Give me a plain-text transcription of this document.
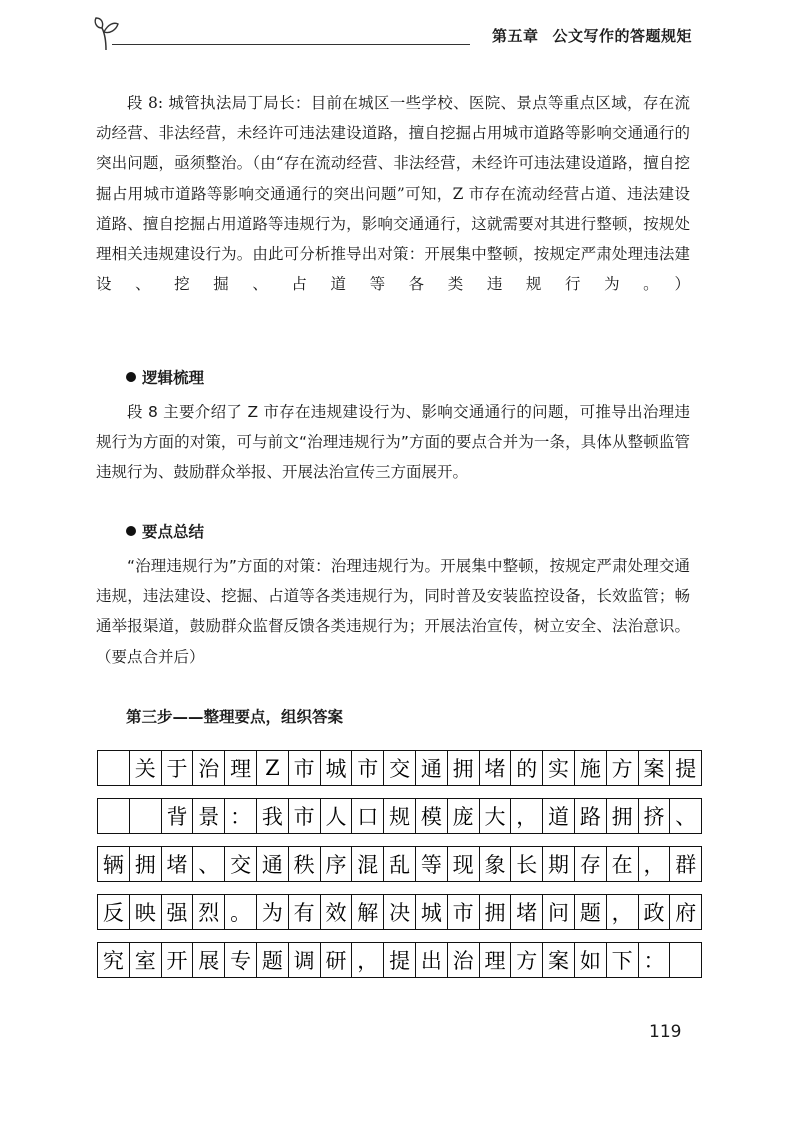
第五章 公文写作的答题规矩
段 8: 城管执法局丁局长：目前在城区一些学校、医院、景点等重点区域，存在流动经营、非法经营，未经许可违法建设道路，擅自挖掘占用城市道路等影响交通通行的突出问题，亟须整治。（由“存在流动经营、非法经营，未经许可违法建设道路，擅自挖掘占用城市道路等影响交通通行的突出问题”可知，Z 市存在流动经营占道、违法建设道路、擅自挖掘占用道路等违规行为，影响交通通行，这就需要对其进行整顿，按规处理相关违规建设行为。由此可分析推导出对策：开展集中整顿，按规定严肃处理违法建设、挖掘、占道等各类违规行为。）
逻辑梳理
段 8 主要介绍了 Z 市存在违规建设行为、影响交通通行的问题，可推导出治理违规行为方面的对策，可与前文“治理违规行为”方面的要点合并为一条，具体从整顿监管违规行为、鼓励群众举报、开展法治宣传三方面展开。
要点总结
“治理违规行为”方面的对策：治理违规行为。开展集中整顿，按规定严肃处理交通违规，违法建设、挖掘、占道等各类违规行为，同时普及安装监控设备，长效监管；畅通举报渠道，鼓励群众监督反馈各类违规行为；开展法治宣传，树立安全、法治意识。（要点合并后）
第三步——整理要点，组织答案
关 于 治 理 Z 市 城 市 交 通 拥 堵 的 实 施 方 案 提
背 景 ： 我 市 人 口 规 模 庞 大 ， 道 路 拥 挤 、
辆 拥 堵 、 交 通 秩 序 混 乱 等 现 象 长 期 存 在 ， 群
反 映 强 烈 。 为 有 效 解 决 城 市 拥 堵 问 题 ， 政 府
究 室 开 展 专 题 调 研 ， 提 出 治 理 方 案 如 下 ：
119
